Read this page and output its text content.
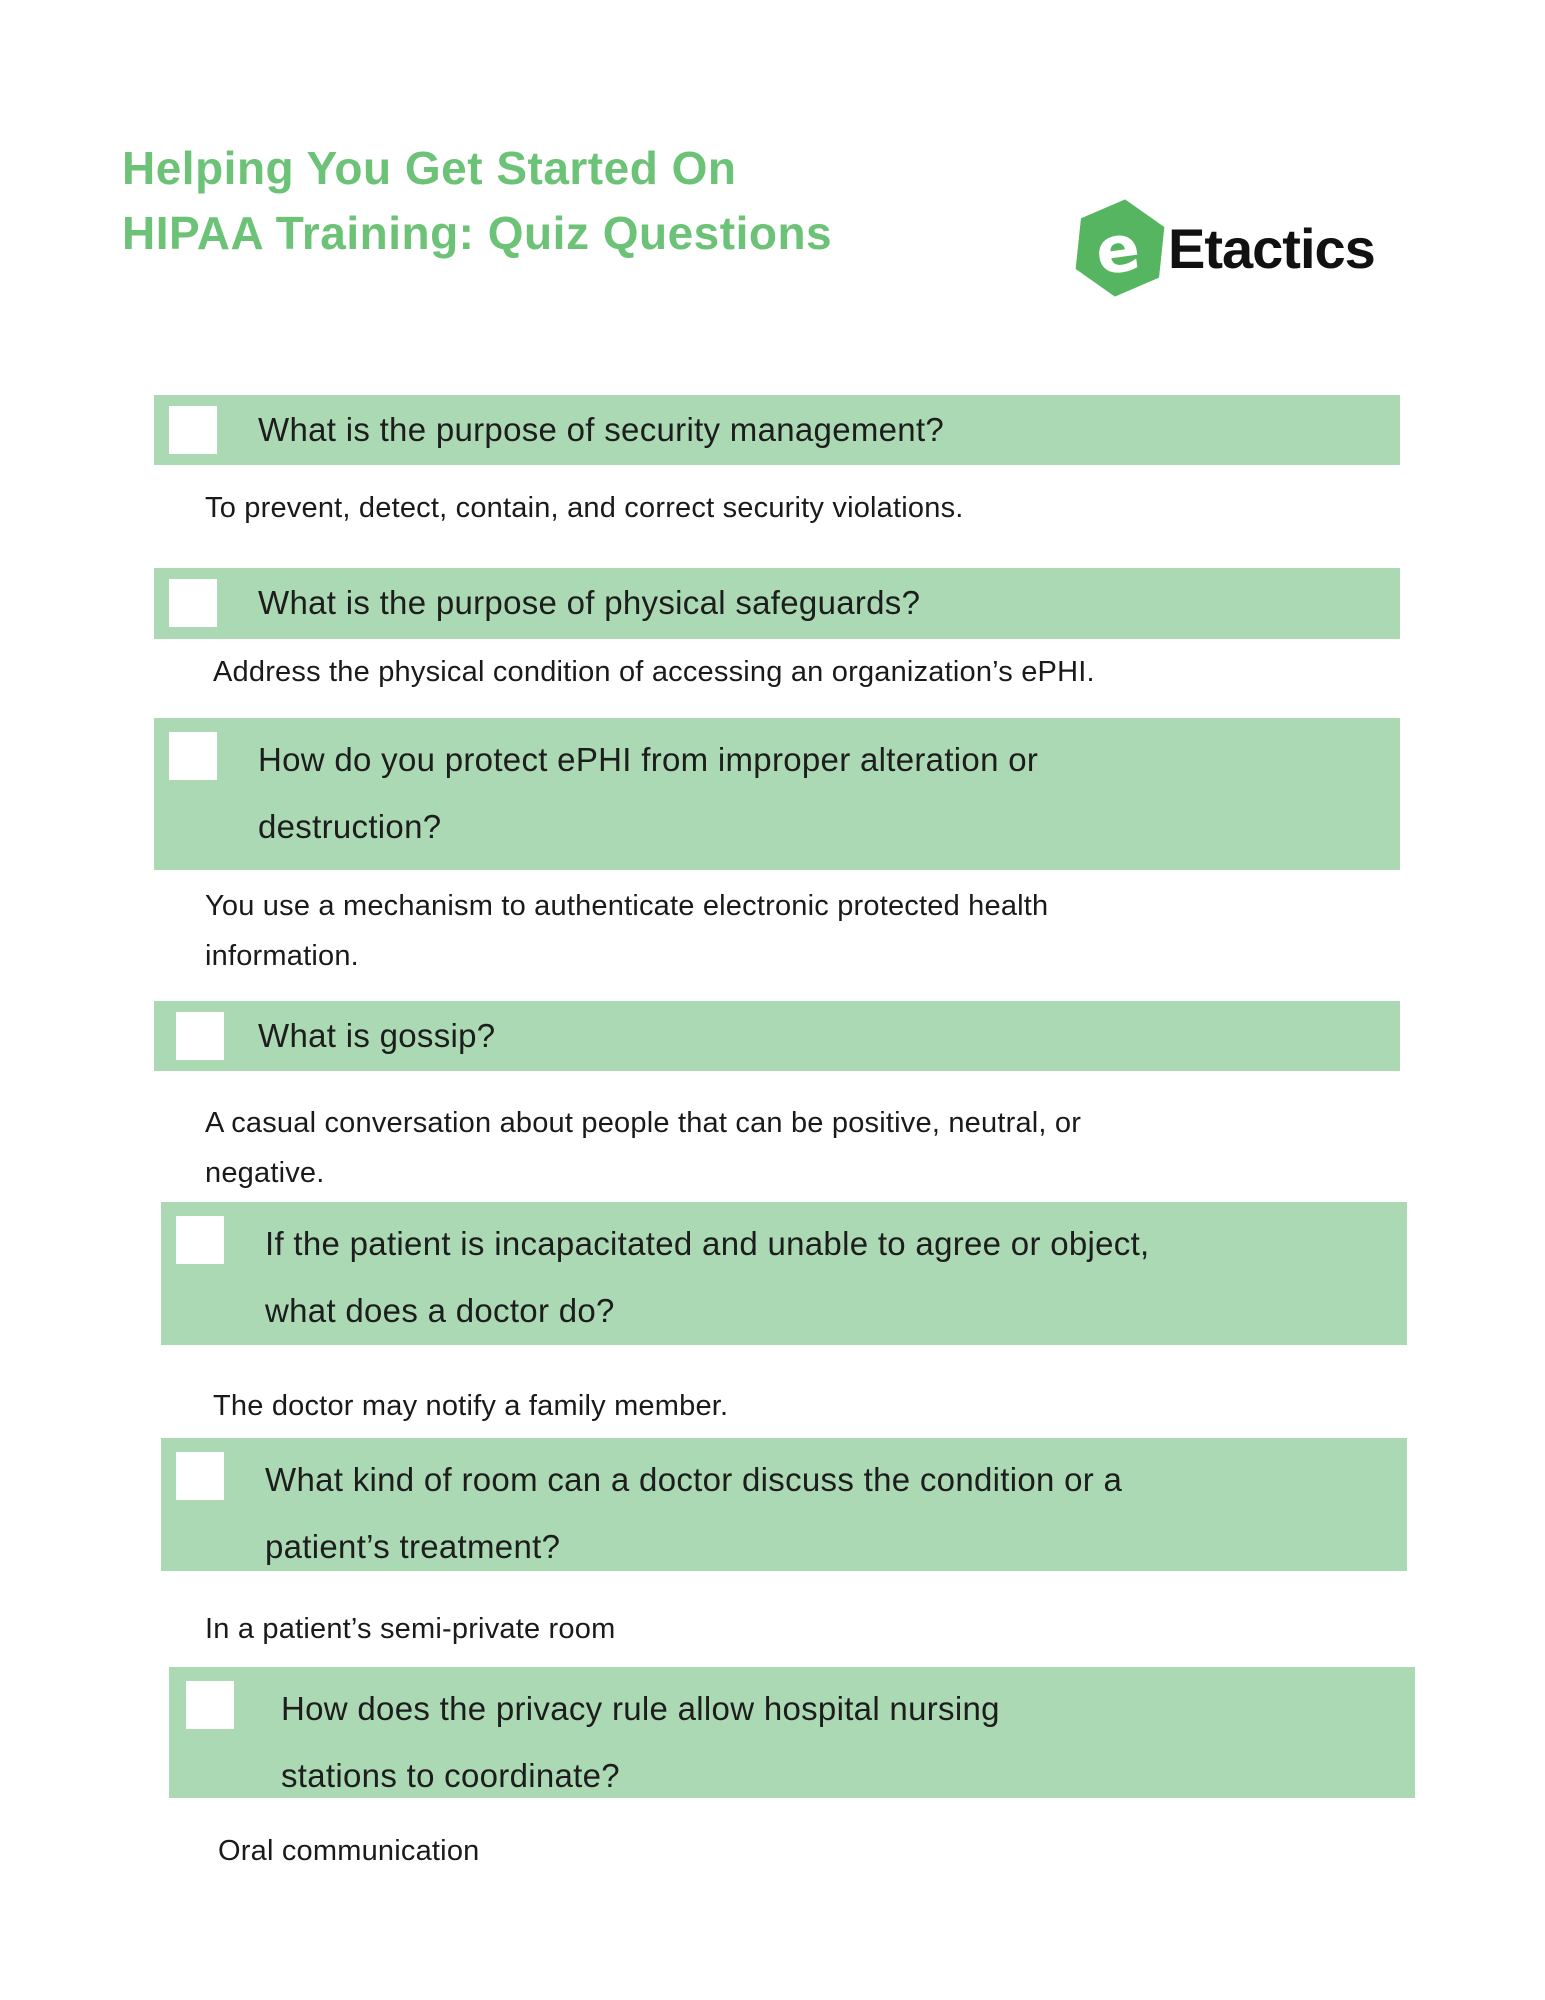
Helping You Get Started On
HIPAA Training: Quiz Questions	e Etactics
What is the purpose of security management?
To prevent, detect, contain, and correct security violations.
What is the purpose of physical safeguards?
Address the physical condition of accessing an organization’s ePHI.
How do you protect ePHI from improper alteration or destruction?
You use a mechanism to authenticate electronic protected health information.
What is gossip?
A casual conversation about people that can be positive, neutral, or negative.
If the patient is incapacitated and unable to agree or object, what does a doctor do?
The doctor may notify a family member.
What kind of room can a doctor discuss the condition or a patient’s treatment?
In a patient’s semi-private room
How does the privacy rule allow hospital nursing stations to coordinate?
Oral communication
